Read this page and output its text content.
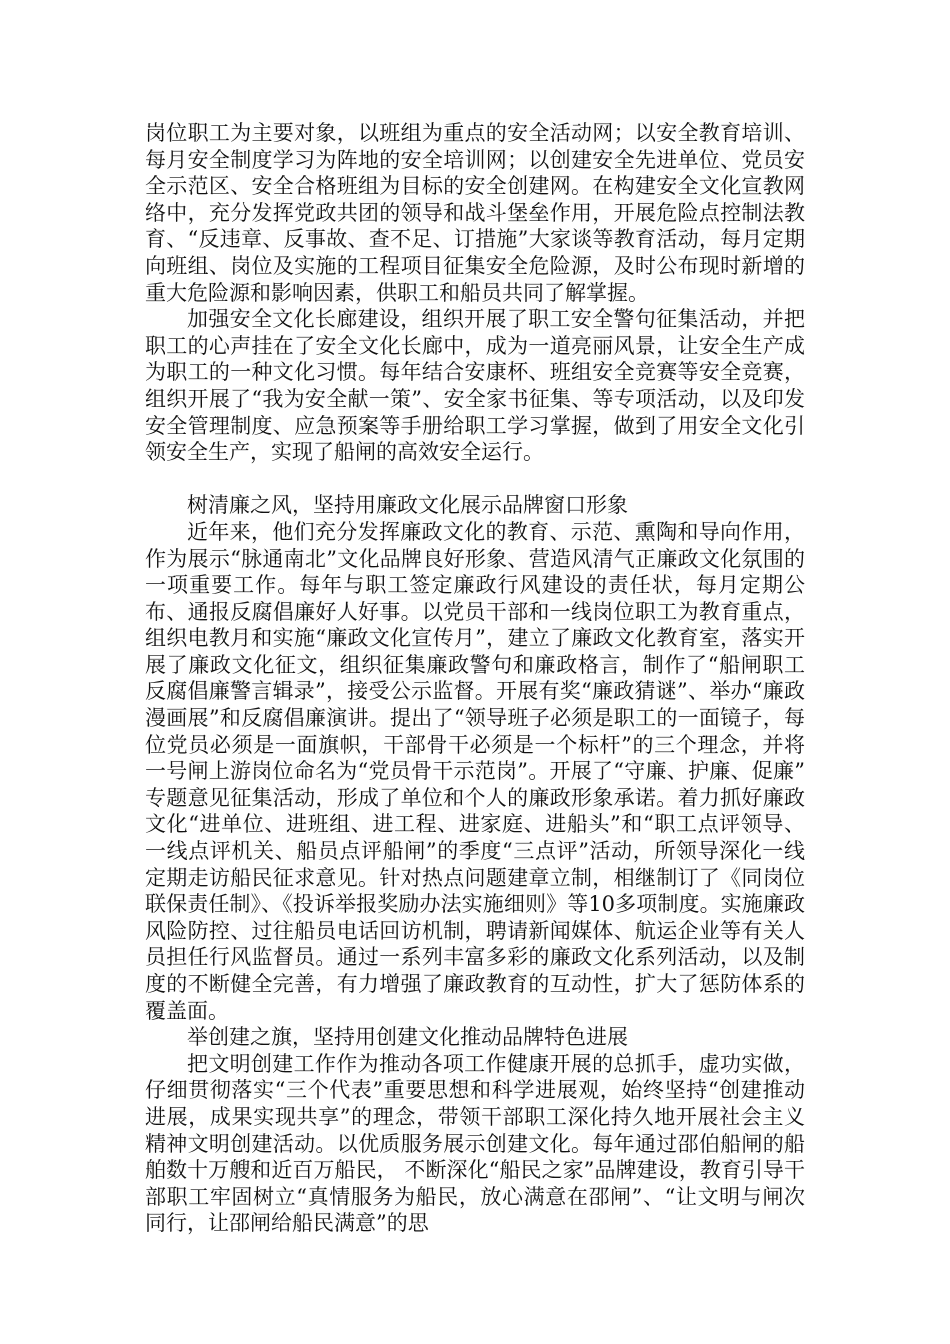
岗位职工为主要对象，以班组为重点的安全活动网；以安全教育培训、每月安全制度学习为阵地的安全培训网；以创建安全先进单位、党员安全示范区、安全合格班组为目标的安全创建网。在构建安全文化宣教网络中，充分发挥党政共团的领导和战斗堡垒作用，开展危险点控制法教育、“反违章、反事故、查不足、订措施”大家谈等教育活动，每月定期向班组、岗位及实施的工程项目征集安全危险源，及时公布现时新增的重大危险源和影响因素，供职工和船员共同了解掌握。

加强安全文化长廊建设，组织开展了职工安全警句征集活动，并把职工的心声挂在了安全文化长廊中，成为一道亮丽风景，让安全生产成为职工的一种文化习惯。每年结合安康杯、班组安全竞赛等安全竞赛，组织开展了“我为安全献一策”、安全家书征集、等专项活动，以及印发安全管理制度、应急预案等手册给职工学习掌握，做到了用安全文化引领安全生产，实现了船闸的高效安全运行。

树清廉之风，坚持用廉政文化展示品牌窗口形象

近年来，他们充分发挥廉政文化的教育、示范、熏陶和导向作用，作为展示“脉通南北”文化品牌良好形象、营造风清气正廉政文化氛围的一项重要工作。每年与职工签定廉政行风建设的责任状，每月定期公布、通报反腐倡廉好人好事。以党员干部和一线岗位职工为教育重点，组织电教月和实施“廉政文化宣传月”，建立了廉政文化教育室，落实开展了廉政文化征文，组织征集廉政警句和廉政格言，制作了“船闸职工反腐倡廉警言辑录”，接受公示监督。开展有奖“廉政猜谜”、举办“廉政漫画展”和反腐倡廉演讲。提出了“领导班子必须是职工的一面镜子，每位党员必须是一面旗帜，干部骨干必须是一个标杆”的三个理念，并将一号闸上游岗位命名为“党员骨干示范岗”。开展了“守廉、护廉、促廉” 专题意见征集活动，形成了单位和个人的廉政形象承诺。着力抓好廉政文化“进单位、进班组、进工程、进家庭、进船头”和“职工点评领导、一线点评机关、船员点评船闸”的季度“三点评”活动，所领导深化一线定期走访船民征求意见。针对热点问题建章立制，相继制订了《同岗位联保责任制》、《投诉举报奖励办法实施细则》等10多项制度。实施廉政风险防控、过往船员电话回访机制，聘请新闻媒体、航运企业等有关人员担任行风监督员。通过一系列丰富多彩的廉政文化系列活动，以及制度的不断健全完善，有力增强了廉政教育的互动性，扩大了惩防体系的覆盖面。

举创建之旗，坚持用创建文化推动品牌特色进展

把文明创建工作作为推动各项工作健康开展的总抓手，虚功实做，仔细贯彻落实“三个代表”重要思想和科学进展观，始终坚持“创建推动进展，成果实现共享”的理念，带领干部职工深化持久地开展社会主义精神文明创建活动。以优质服务展示创建文化。每年通过邵伯船闸的船舶数十万艘和近百万船民， 不断深化“船民之家”品牌建设，教育引导干部职工牢固树立“真情服务为船民，放心满意在邵闸”、“让文明与闸次同行，让邵闸给船民满意”的思
